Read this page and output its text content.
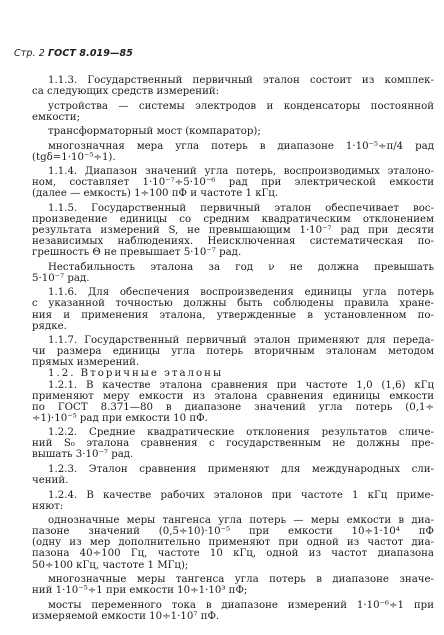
Стр. 2 ГОСТ 8.019—85
1.1.3. Государственный первичный эталон состоит из комплек-
са следующих средств измерений:
устройства — системы электродов и конденсаторы постоянной
емкости;
трансформаторный мост (компаратор);
многозначная мера угла потерь в диапазоне 1·10⁻⁵÷π/4 рад
(tgδ=1·10⁻⁵÷1).
1.1.4. Диапазон значений угла потерь, воспроизводимых эталоно-
ном, составляет 1·10⁻⁷÷5·10⁻⁶ рад при электрической емкости
(далее — емкость) 1÷100 пФ и частоте 1 кГц.
1.1.5. Государственный первичный эталон обеспечивает вос-
произведение единицы со средним квадратическим отклонением
результата измерений S, не превышающим 1·10⁻⁷ рад при десяти
независимых наблюдениях. Неисключенная систематическая по-
грешность Θ не превышает 5·10⁻⁷ рад.
Нестабильность эталона за год ν не должна превышать
5·10⁻⁷ рад.
1.1.6. Для обеспечения воспроизведения единицы угла потерь
с указанной точностью должны быть соблюдены правила хране-
ния и применения эталона, утвержденные в установленном по-
рядке.
1.1.7. Государственный первичный эталон применяют для переда-
чи размера единицы угла потерь вторичным эталонам методом
прямых измерений.
1.2. Вторичные эталоны
1.2.1. В качестве эталона сравнения при частоте 1,0 (1,6) кГц
применяют меру емкости из эталона сравнения единицы емкости
по ГОСТ 8.371—80 в диапазоне значений угла потерь (0,1÷
÷1)·10⁻⁵ рад при емкости 10 пФ.
1.2.2. Средние квадратические отклонения результатов сличе-
ний S₀ эталона сравнения с государственным не должны пре-
вышать 3·10⁻⁷ рад.
1.2.3. Эталон сравнения применяют для международных сли-
чений.
1.2.4. В качестве рабочих эталонов при частоте 1 кГц приме-
няют:
однозначные меры тангенса угла потерь — меры емкости в диа-
пазоне значений (0,5÷10)·10⁻⁵ при емкости 10÷1·10⁴ пФ
(одну из мер дополнительно применяют при одной из частот диа-
пазона 40÷100 Гц, частоте 10 кГц, одной из частот диапазона
50÷100 кГц, частоте 1 МГц);
многозначные меры тангенса угла потерь в диапазоне значе-
ний 1·10⁻⁵÷1 при емкости 10÷1·10³ пФ;
мосты переменного тока в диапазоне измерений 1·10⁻⁶÷1 при
измеряемой емкости 10÷1·10⁷ пФ.
